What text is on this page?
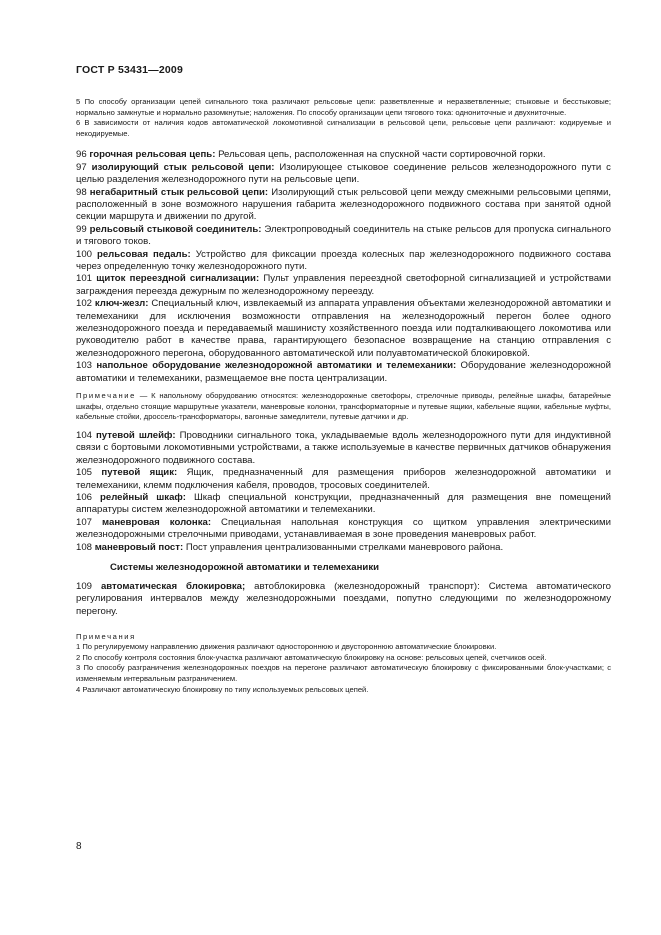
ГОСТ Р 53431—2009

5 По способу организации цепей сигнального тока различают рельсовые цепи: разветвленные и неразветвленные; стыковые и бесстыковые; нормально замкнутые и нормально разомкнутые; наложения. По способу организации цепи тягового тока: однониточные и двухниточные.

6 В зависимости от наличия кодов автоматической локомотивной сигнализации в рельсовой цепи, рельсовые цепи различают: кодируемые и некодируемые.

96 горочная рельсовая цепь: Рельсовая цепь, расположенная на спускной части сортировочной горки.

97 изолирующий стык рельсовой цепи: Изолирующее стыковое соединение рельсов железнодорожного пути с целью разделения железнодорожного пути на рельсовые цепи.

98 негабаритный стык рельсовой цепи: Изолирующий стык рельсовой цепи между смежными рельсовыми цепями, расположенный в зоне возможного нарушения габарита железнодорожного подвижного состава при занятой одной секции маршрута и движении по другой.

99 рельсовый стыковой соединитель: Электропроводный соединитель на стыке рельсов для пропуска сигнального и тягового токов.

100 рельсовая педаль: Устройство для фиксации проезда колесных пар железнодорожного подвижного состава через определенную точку железнодорожного пути.

101 щиток переездной сигнализации: Пульт управления переездной светофорной сигнализацией и устройствами заграждения переезда дежурным по железнодорожному переезду.

102 ключ-жезл: Специальный ключ, извлекаемый из аппарата управления объектами железнодорожной автоматики и телемеханики для исключения возможности отправления на железнодорожный перегон более одного железнодорожного поезда и передаваемый машинисту хозяйственного поезда или подталкивающего локомотива или руководителю работ в качестве права, гарантирующего безопасное возвращение на станцию отправления с железнодорожного перегона, оборудованного автоматической или полуавтоматической блокировкой.

103 напольное оборудование железнодорожной автоматики и телемеханики: Оборудование железнодорожной автоматики и телемеханики, размещаемое вне поста централизации.

Примечание — К напольному оборудованию относятся: железнодорожные светофоры, стрелочные приводы, релейные шкафы, батарейные шкафы, отдельно стоящие маршрутные указатели, маневровые колонки, трансформаторные и путевые ящики, кабельные ящики, кабельные муфты, кабельные стойки, дроссель-трансформаторы, вагонные замедлители, путевые датчики и др.

104 путевой шлейф: Проводники сигнального тока, укладываемые вдоль железнодорожного пути для индуктивной связи с бортовыми локомотивными устройствами, а также используемые в качестве первичных датчиков обнаружения железнодорожного подвижного состава.

105 путевой ящик: Ящик, предназначенный для размещения приборов железнодорожной автоматики и телемеханики, клемм подключения кабеля, проводов, тросовых соединителей.

106 релейный шкаф: Шкаф специальной конструкции, предназначенный для размещения вне помещений аппаратуры систем железнодорожной автоматики и телемеханики.

107 маневровая колонка: Специальная напольная конструкция со щитком управления электрическими железнодорожными стрелочными приводами, устанавливаемая в зоне проведения маневровых работ.

108 маневровый пост: Пост управления централизованными стрелками маневрового района.

Системы железнодорожной автоматики и телемеханики

109 автоматическая блокировка; автоблокировка (железнодорожный транспорт): Система автоматического регулирования интервалов между железнодорожными поездами, попутно следующими по железнодорожному перегону.

Примечания

1 По регулируемому направлению движения различают одностороннюю и двустороннюю автоматические блокировки.

2 По способу контроля состояния блок-участка различают автоматическую блокировку на основе: рельсовых цепей, счетчиков осей.

3 По способу разграничения железнодорожных поездов на перегоне различают автоматическую блокировку с фиксированными блок-участками; с изменяемым интервальным разграничением.

4 Различают автоматическую блокировку по типу используемых рельсовых цепей.

8
